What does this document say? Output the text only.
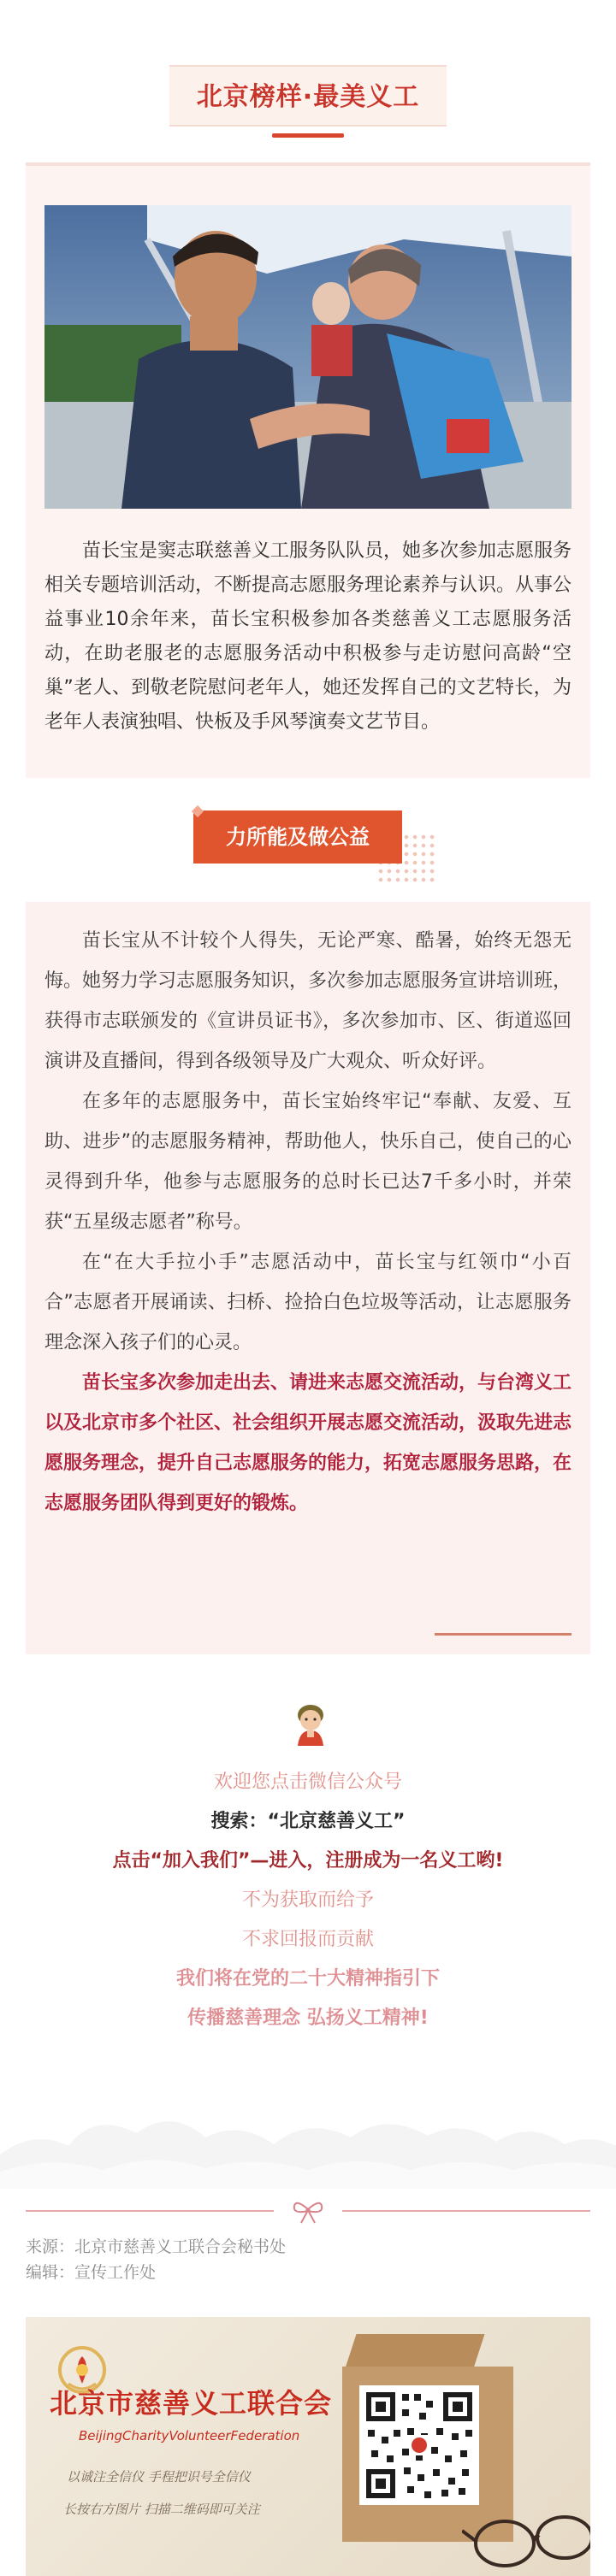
北京榜样·最美义工
苗长宝是窦志联慈善义工服务队队员，她多次参加志愿服务相关专题培训活动，不断提高志愿服务理论素养与认识。从事公益事业10余年来，苗长宝积极参加各类慈善义工志愿服务活动，在助老服老的志愿服务活动中积极参与走访慰问高龄“空巢”老人、到敬老院慰问老年人，她还发挥自己的文艺特长，为老年人表演独唱、快板及手风琴演奏文艺节目。
力所能及做公益

苗长宝从不计较个人得失，无论严寒、酷暑，始终无怨无悔。她努力学习志愿服务知识，多次参加志愿服务宣讲培训班，获得市志联颁发的《宣讲员证书》，多次参加市、区、街道巡回演讲及直播间，得到各级领导及广大观众、听众好评。

在多年的志愿服务中，苗长宝始终牢记“奉献、友爱、互助、进步”的志愿服务精神，帮助他人，快乐自己，使自己的心灵得到升华，他参与志愿服务的总时长已达7千多小时，并荣获“五星级志愿者”称号。

在“在大手拉小手”志愿活动中，苗长宝与红领巾“小百合”志愿者开展诵读、扫桥、捡拾白色垃圾等活动，让志愿服务理念深入孩子们的心灵。

苗长宝多次参加走出去、请进来志愿交流活动，与台湾义工以及北京市多个社区、社会组织开展志愿交流活动，汲取先进志愿服务理念，提升自己志愿服务的能力，拓宽志愿服务思路，在志愿服务团队得到更好的锻炼。

欢迎您点击微信公众号
搜索：“北京慈善义工”
点击“加入我们”—进入，注册成为一名义工哟!
不为获取而给予
不求回报而贡献
我们将在党的二十大精神指引下
传播慈善理念 弘扬义工精神!
来源：北京市慈善义工联合会秘书处
编辑：宣传工作处
北京市慈善义工联合会
BeijingCharityVolunteerFederation
以诚注全信仪 手程把识号全信仪
长按右方图片 扫描二维码即可关注
